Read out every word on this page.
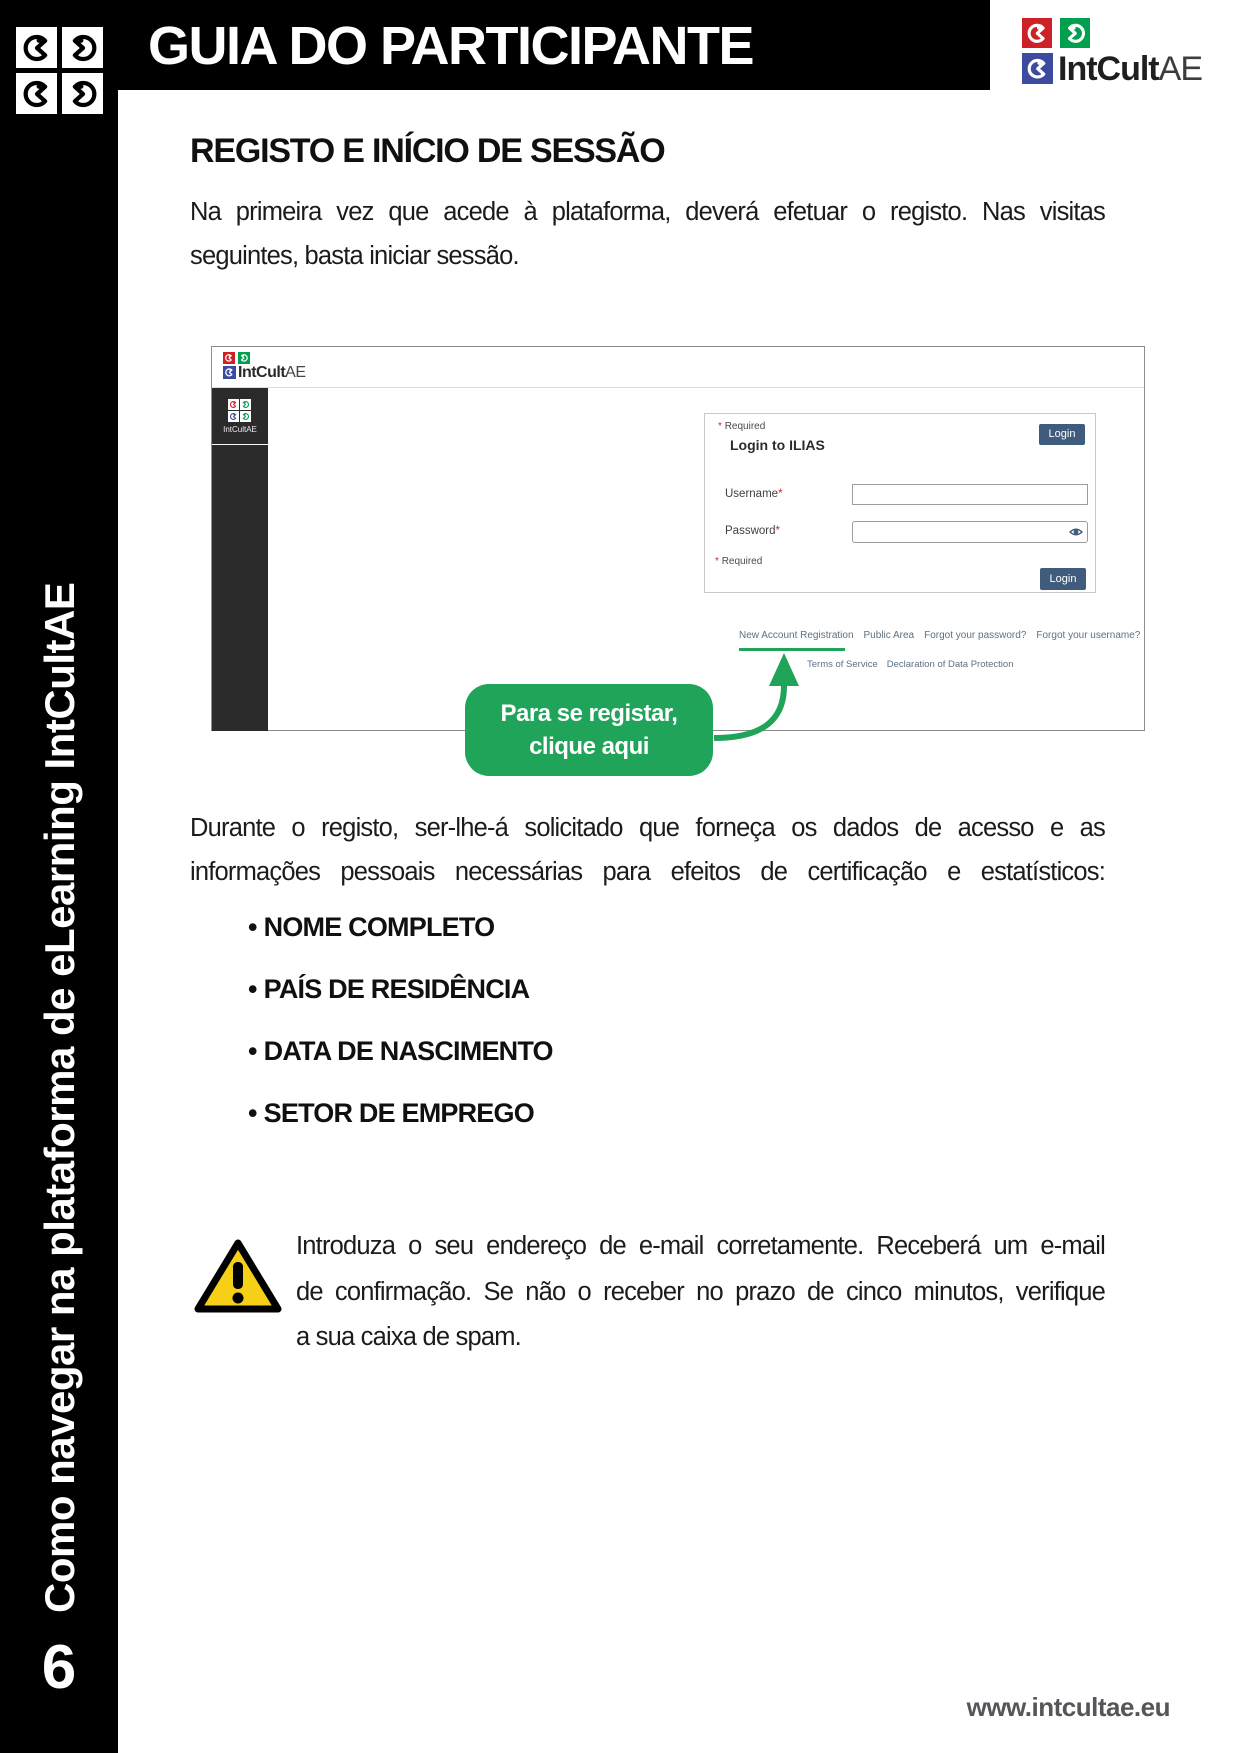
GUIA DO PARTICIPANTE	IntCultAE
Como navegar na plataforma de eLearning IntCultAE
6
REGISTO E INÍCIO DE SESSÃO
Na primeira vez que acede à plataforma, deverá efetuar o registo. Nas visitas
seguintes, basta iniciar sessão.
IntCultAE
IntCultAE	* Required
Login
Login to ILIAS
Username*
Password*
* Required
Login
New Account Registration Public Area Forgot your password? Forgot your username?
Terms of Service Declaration of Data Protection
Para se registar,
clique aqui
Durante o registo, ser-lhe-á solicitado que forneça os dados de acesso e as
informações pessoais necessárias para efeitos de certificação e estatísticos:
• NOME COMPLETO
• PAÍS DE RESIDÊNCIA
• DATA DE NASCIMENTO
• SETOR DE EMPREGO
Introduza o seu endereço de e-mail corretamente. Receberá um e-mail
de confirmação. Se não o receber no prazo de cinco minutos, verifique
a sua caixa de spam.
www.intcultae.eu
